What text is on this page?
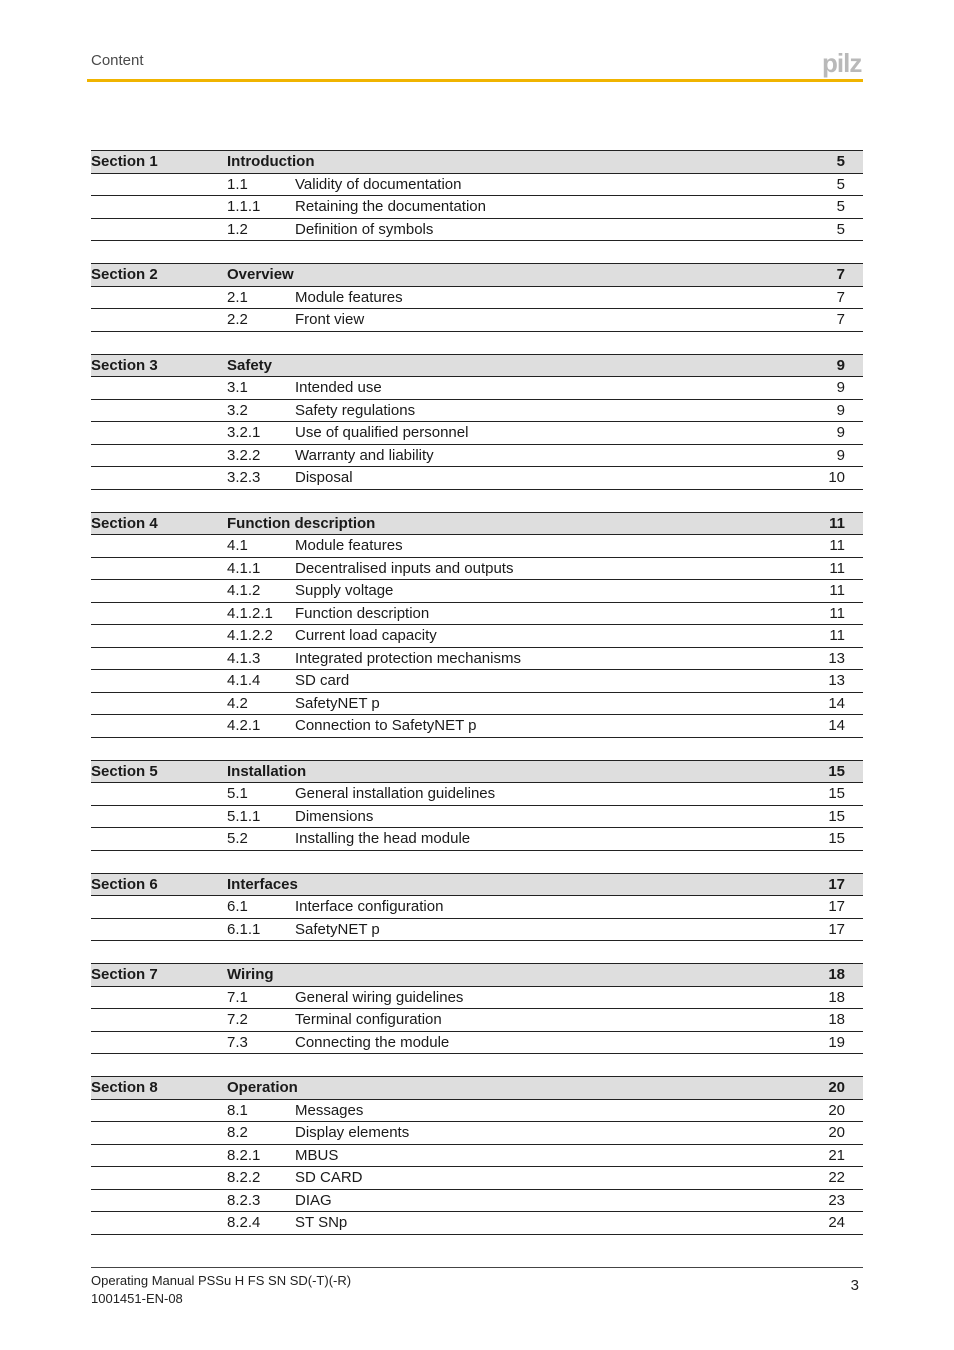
Content	pilz
Section 1	Introduction	5
1.1	Validity of documentation	5
1.1.1 Retaining the documentation	5
1.2	Definition of symbols	5
Section 2	Overview	7
2.1	Module features	7
2.2	Front view	7
Section 3	Safety	9
3.1	Intended use	9
3.2	Safety regulations	9
3.2.1 Use of qualified personnel	9
3.2.2 Warranty and liability	9
3.2.3 Disposal	10
Section 4	Function description	11
4.1	Module features	11
4.1.1 Decentralised inputs and outputs	11
4.1.2 Supply voltage	11
4.1.2.1 Function description	11
4.1.2.2 Current load capacity	11
4.1.3 Integrated protection mechanisms	13
4.1.4 SD card	13
4.2	SafetyNET p	14
4.2.1 Connection to SafetyNET p	14
Section 5	Installation	15
5.1	General installation guidelines	15
5.1.1 Dimensions	15
5.2	Installing the head module	15
Section 6	Interfaces	17
6.1	Interface configuration	17
6.1.1 SafetyNET p	17
Section 7	Wiring	18
7.1	General wiring guidelines	18
7.2	Terminal configuration	18
7.3	Connecting the module	19
Section 8	Operation	20
8.1	Messages	20
8.2	Display elements	20
8.2.1 MBUS	21
8.2.2 SD CARD	22
8.2.3 DIAG	23
8.2.4 ST SNp	24
Operating Manual PSSu H FS SN SD(-T)(-R)
1001451-EN-08
3
